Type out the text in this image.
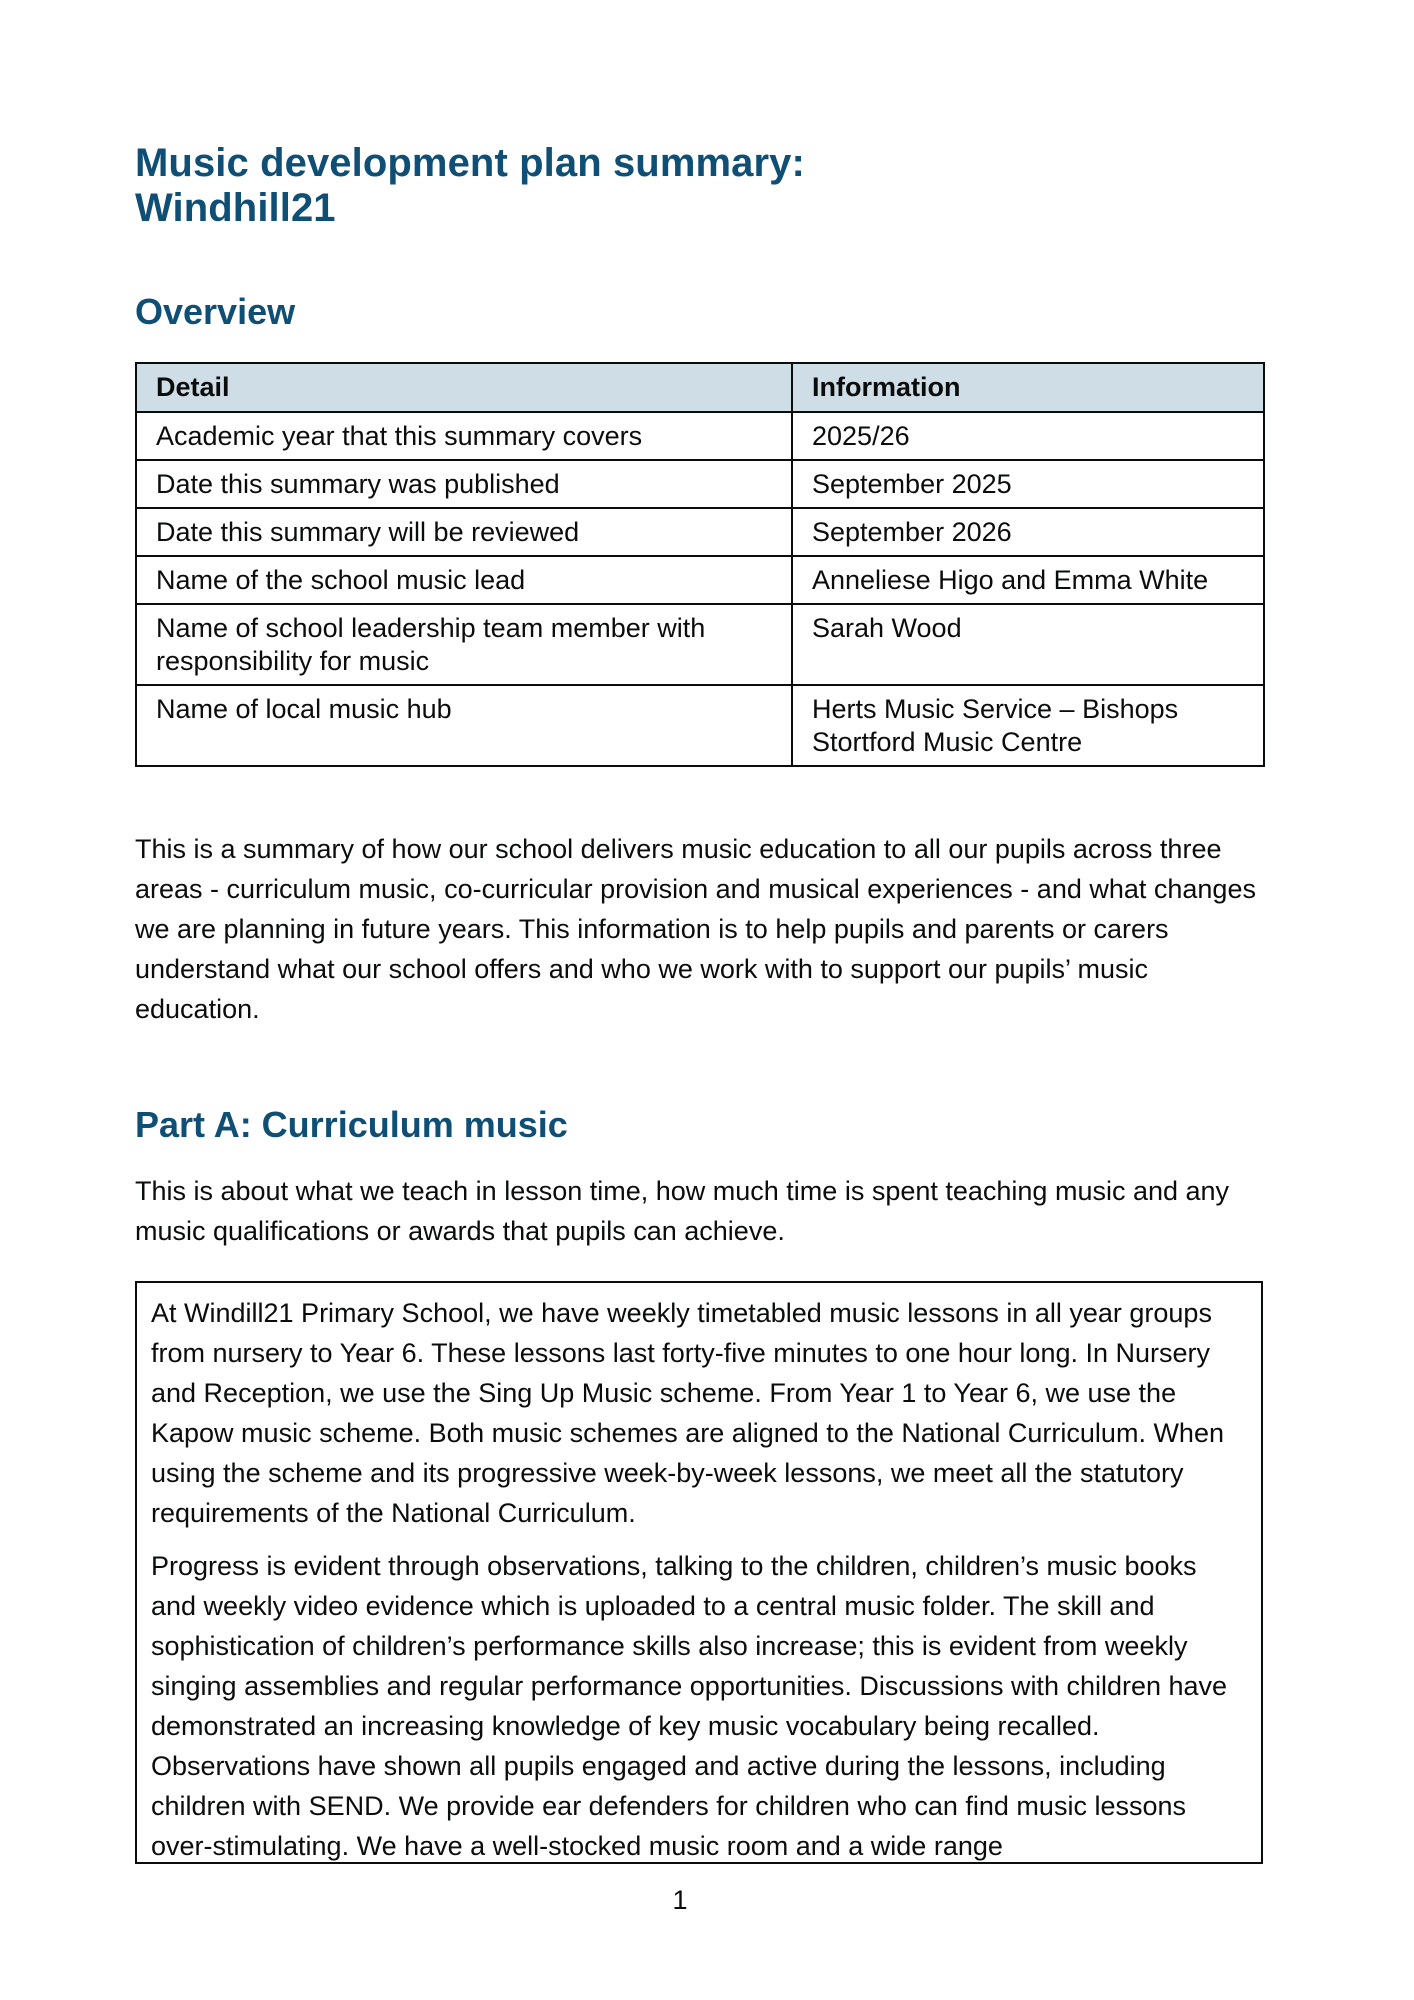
Music development plan summary:
Windhill21
Overview
Detail	Information
Academic year that this summary covers	2025/26
Date this summary was published	September 2025
Date this summary will be reviewed	September 2026
Name of the school music lead	Anneliese Higo and Emma White
Name of school leadership team member with responsibility for music	Sarah Wood
Name of local music hub	Herts Music Service – Bishops Stortford Music Centre

This is a summary of how our school delivers music education to all our pupils across three areas - curriculum music, co-curricular provision and musical experiences - and what changes we are planning in future years. This information is to help pupils and parents or carers understand what our school offers and who we work with to support our pupils’ music education.

Part A: Curriculum music

This is about what we teach in lesson time, how much time is spent teaching music and any music qualifications or awards that pupils can achieve.

At Windill21 Primary School, we have weekly timetabled music lessons in all year groups from nursery to Year 6. These lessons last forty-five minutes to one hour long. In Nursery and Reception, we use the Sing Up Music scheme. From Year 1 to Year 6, we use the Kapow music scheme. Both music schemes are aligned to the National Curriculum. When using the scheme and its progressive week-by-week lessons, we meet all the statutory requirements of the National Curriculum.

Progress is evident through observations, talking to the children, children’s music books and weekly video evidence which is uploaded to a central music folder. The skill and sophistication of children’s performance skills also increase; this is evident from weekly singing assemblies and regular performance opportunities. Discussions with children have demonstrated an increasing knowledge of key music vocabulary being recalled. Observations have shown all pupils engaged and active during the lessons, including children with SEND. We provide ear defenders for children who can find music lessons over-stimulating. We have a well-stocked music room and a wide range

1
